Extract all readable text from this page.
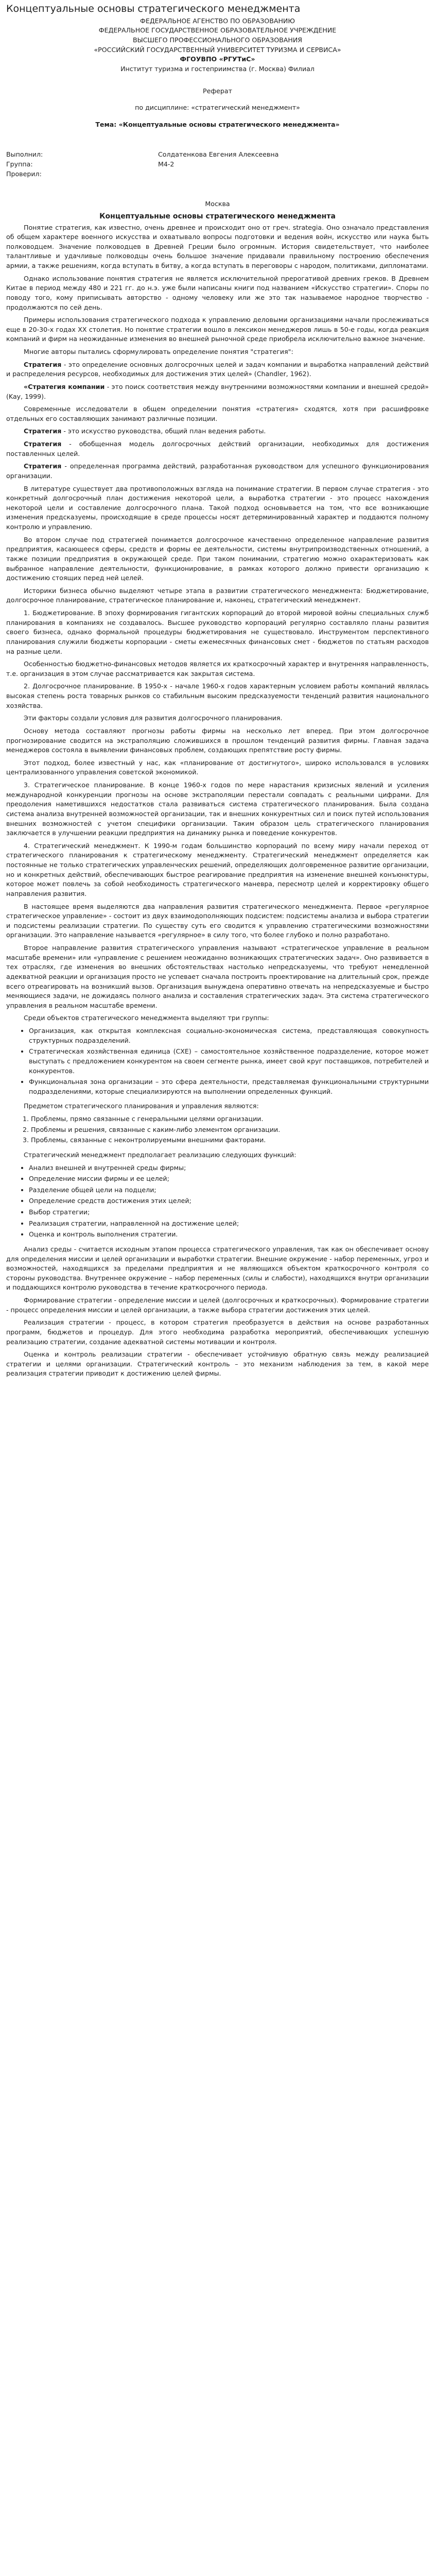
Концептуальные основы стратегического менеджмента

ФЕДЕРАЛЬНОЕ АГЕНСТВО ПО ОБРАЗОВАНИЮ

ФЕДЕРАЛЬНОЕ ГОСУДАРСТВЕННОЕ ОБРАЗОВАТЕЛЬНОЕ УЧРЕЖДЕНИЕ

ВЫСШЕГО ПРОФЕССИОНАЛЬНОГО ОБРАЗОВАНИЯ

«РОССИЙСКИЙ ГОСУДАРСТВЕННЫЙ УНИВЕРСИТЕТ ТУРИЗМА И СЕРВИСА»

ФГОУВПО «РГУТиС»

Институт туризма и гостеприимства (г. Москва) Филиал

Реферат

по дисциплине: «стратегический менеджмент»

Тема: «Концептуальные основы стратегического менеджмента»

Выполнил:	Солдатенкова Евгения Алексеевна
Группа:	М4-2
Проверил:

Москва

Концептуальные основы стратегического менеджмента

Понятие стратегия, как известно, очень древнее и происходит оно от греч. strategia. Оно означало представления об общем характере военного искусства и охватывало вопросы подготовки и ведения войн, искусство или наука быть полководцем. Значение полководцев в Древней Греции было огромным. История свидетельствует, что наиболее талантливые и удачливые полководцы очень большое значение придавали правильному построению обеспечения армии, а также решениям, когда вступать в битву, а когда вступать в переговоры с народом, политиками, дипломатами.

Однако использование понятия стратегия не является исключительной прерогативой древних греков. В Древнем Китае в период между 480 и 221 гг. до н.э. уже были написаны книги под названием «Искусство стратегии». Споры по поводу того, кому приписывать авторство - одному человеку или же это так называемое народное творчество - продолжаются по сей день.

Примеры использования стратегического подхода к управлению деловыми организациями начали прослеживаться еще в 20-30-х годах XX столетия. Но понятие стратегии вошло в лексикон менеджеров лишь в 50-е годы, когда реакция компаний и фирм на неожиданные изменения во внешней рыночной среде приобрела исключительно важное значение.

Многие авторы пытались сформулировать определение понятия "стратегия":

Стратегия - это определение основных долгосрочных целей и задач компании и выработка направлений действий и распределения ресурсов, необходимых для достижения этих целей» (Chandler, 1962).

«Стратегия компании - это поиск соответствия между внутренними возможностями компании и внешней средой» (Kay, 1999).

Современные исследователи в общем определении понятия «стратегия» сходятся, хотя при расшифровке отдельных его составляющих занимают различные позиции.

Стратегия - это искусство руководства, общий план ведения работы.

Стратегия - обобщенная модель долгосрочных действий организации, необходимых для достижения поставленных целей.

Стратегия - определенная программа действий, разработанная руководством для успешного функционирования организации.

В литературе существует два противоположных взгляда на понимание стратегии. В первом случае стратегия - это конкретный долгосрочный план достижения некоторой цели, а выработка стратегии - это процесс нахождения некоторой цели и составление долгосрочного плана. Такой подход основывается на том, что все возникающие изменения предсказуемы, происходящие в среде процессы носят детерминированный характер и поддаются полному контролю и управлению.

Во втором случае под стратегией понимается долгосрочное качественно определенное направление развития предприятия, касающееся сферы, средств и формы ее деятельности, системы внутрипроизводственных отношений, а также позиции предприятия в окружающей среде. При таком понимании, стратегию можно охарактеризовать как выбранное направление деятельности, функционирование, в рамках которого должно привести организацию к достижению стоящих перед ней целей.

Историки бизнеса обычно выделяют четыре этапа в развитии стратегического менеджмента: Бюджетирование, долгосрочное планирование, стратегическое планирование и, наконец, стратегический менеджмент.

1. Бюджетирование. В эпоху формирования гигантских корпораций до второй мировой войны специальных служб планирования в компаниях не создавалось. Высшее руководство корпораций регулярно составляло планы развития своего бизнеса, однако формальной процедуры бюджетирования не существовало. Инструментом перспективного планирования служили бюджеты корпорации - сметы ежемесячных финансовых смет - бюджетов по статьям расходов на разные цели.

Особенностью бюджетно-финансовых методов является их краткосрочный характер и внутренняя направленность, т.е. организация в этом случае рассматривается как закрытая система.

2. Долгосрочное планирование. В 1950-х - начале 1960-х годов характерным условием работы компаний являлась высокая степень роста товарных рынков со стабильным высоким предсказуемости тенденций развития национального хозяйства.

Эти факторы создали условия для развития долгосрочного планирования.

Основу метода составляют прогнозы работы фирмы на несколько лет вперед. При этом долгосрочное прогнозирование сводится на экстраполяцию сложившихся в прошлом тенденций развития фирмы. Главная задача менеджеров состояла в выявлении финансовых проблем, создающих препятствие росту фирмы.

Этот подход, более известный у нас, как «планирование от достигнутого», широко использовался в условиях централизованного управления советской экономикой.

3. Стратегическое планирование. В конце 1960-х годов по мере нарастания кризисных явлений и усиления международной конкуренции прогнозы на основе экстраполяции перестали совпадать с реальными цифрами. Для преодоления наметившихся недостатков стала развиваться система стратегического планирования. Была создана система анализа внутренней возможностей организации, так и внешних конкурентных сил и поиск путей использования внешних возможностей с учетом специфики организации. Таким образом цель стратегического планирования заключается в улучшении реакции предприятия на динамику рынка и поведение конкурентов.

4. Стратегический менеджмент. К 1990-м годам большинство корпораций по всему миру начали переход от стратегического планирования к стратегическому менеджменту. Стратегический менеджмент определяется как постоянные не только стратегических управленческих решений, определяющих долговременное развитие организации, но и конкретных действий, обеспечивающих быстрое реагирование предприятия на изменение внешней конъюнктуры, которое может повлечь за собой необходимость стратегического маневра, пересмотр целей и корректировку общего направления развития.

В настоящее время выделяются два направления развития стратегического менеджмента. Первое «регулярное стратегическое управление» - состоит из двух взаимодополняющих подсистем: подсистемы анализа и выбора стратегии и подсистемы реализации стратегии. По существу суть его сводится к управлению стратегическими возможностями организации. Это направление называется «регулярное» в силу того, что более глубоко и полно разработано.

Второе направление развития стратегического управления называют «стратегическое управление в реальном масштабе времени» или «управление с решением неожиданно возникающих стратегических задач». Оно развивается в тех отраслях, где изменения во внешних обстоятельствах настолько непредсказуемы, что требуют немедленной адекватной реакции и организация просто не успевает сначала построить проектирование на длительный срок, прежде всего отреагировать на возникший вызов. Организация вынуждена оперативно отвечать на непредсказуемые и быстро меняющиеся задачи, не дожидаясь полного анализа и составления стратегических задач. Эта система стратегического управления в реальном масштабе времени.

Среди объектов стратегического менеджмента выделяют три группы:

• Организация, как открытая комплексная социально-экономическая система, представляющая совокупность структурных подразделений.
• Стратегическая хозяйственная единица (СХЕ) – самостоятельное хозяйственное подразделение, которое может выступать с предложением конкурентом на своем сегменте рынка, имеет свой круг поставщиков, потребителей и конкурентов.
• Функциональная зона организации – это сфера деятельности, представляемая функциональными структурными подразделениями, которые специализируются на выполнении определенных функций.

Предметом стратегического планирования и управления являются:

1. Проблемы, прямо связанные с генеральными целями организации.
2. Проблемы и решения, связанные с каким-либо элементом организации.
3. Проблемы, связанные с неконтролируемыми внешними факторами.

Стратегический менеджмент предполагает реализацию следующих функций:

• Анализ внешней и внутренней среды фирмы;
• Определение миссии фирмы и ее целей;
• Разделение общей цели на подцели;
• Определение средств достижения этих целей;
• Выбор стратегии;
• Реализация стратегии, направленной на достижение целей;
• Оценка и контроль выполнения стратегии.

Анализ среды - считается исходным этапом процесса стратегического управления, так как он обеспечивает основу для определения миссии и целей организации и выработки стратегии. Внешние окружение - набор переменных, угроз и возможностей, находящихся за пределами предприятия и не являющихся объектом краткосрочного контроля со стороны руководства. Внутреннее окружение – набор переменных (силы и слабости), находящихся внутри организации и поддающихся контролю руководства в течение краткосрочного периода.

Формирование стратегии - определение миссии и целей (долгосрочных и краткосрочных). Формирование стратегии - процесс определения миссии и целей организации, а также выбора стратегии достижения этих целей.

Реализация стратегии - процесс, в котором стратегия преобразуется в действия на основе разработанных программ, бюджетов и процедур. Для этого необходима разработка мероприятий, обеспечивающих успешную реализацию стратегии, создание адекватной системы мотивации и контроля.

Оценка и контроль реализации стратегии - обеспечивает устойчивую обратную связь между реализацией стратегии и целями организации. Стратегический контроль – это механизм наблюдения за тем, в какой мере реализация стратегии приводит к достижению целей фирмы.
